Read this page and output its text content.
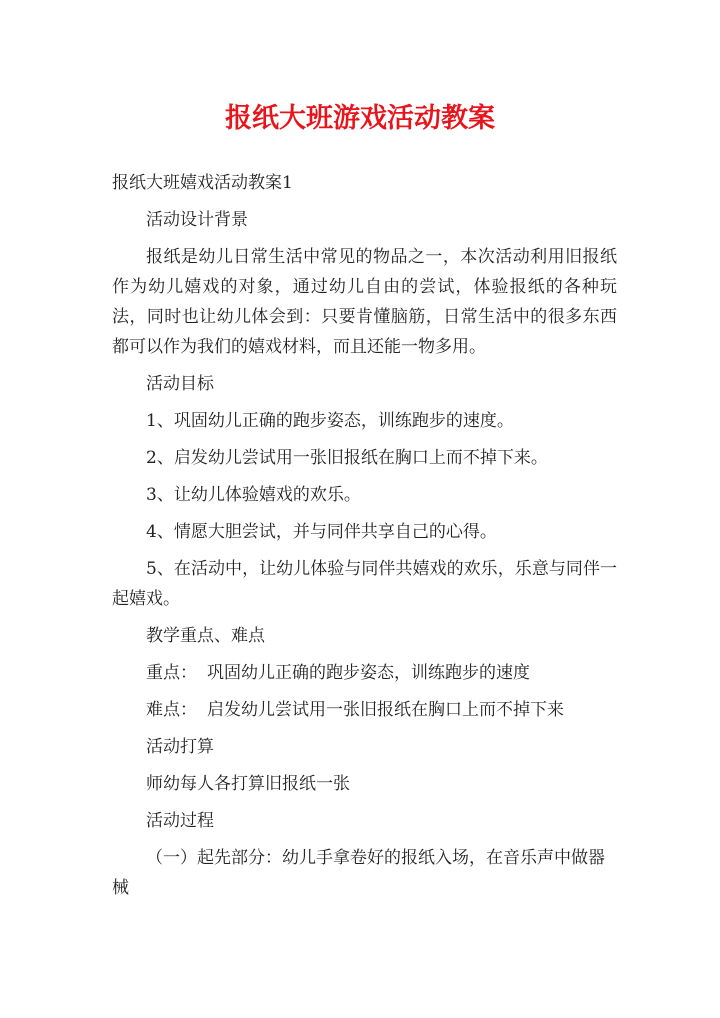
报纸大班游戏活动教案

报纸大班嬉戏活动教案1

活动设计背景

报纸是幼儿日常生活中常见的物品之一，本次活动利用旧报纸作为幼儿嬉戏的对象，通过幼儿自由的尝试，体验报纸的各种玩法，同时也让幼儿体会到：只要肯懂脑筋，日常生活中的很多东西都可以作为我们的嬉戏材料，而且还能一物多用。

活动目标

1、巩固幼儿正确的跑步姿态，训练跑步的速度。

2、启发幼儿尝试用一张旧报纸在胸口上而不掉下来。

3、让幼儿体验嬉戏的欢乐。

4、情愿大胆尝试，并与同伴共享自己的心得。

5、在活动中，让幼儿体验与同伴共嬉戏的欢乐，乐意与同伴一起嬉戏。

教学重点、难点

重点： 巩固幼儿正确的跑步姿态，训练跑步的速度

难点： 启发幼儿尝试用一张旧报纸在胸口上而不掉下来

活动打算

师幼每人各打算旧报纸一张

活动过程

（一）起先部分：幼儿手拿卷好的报纸入场，在音乐声中做器械
